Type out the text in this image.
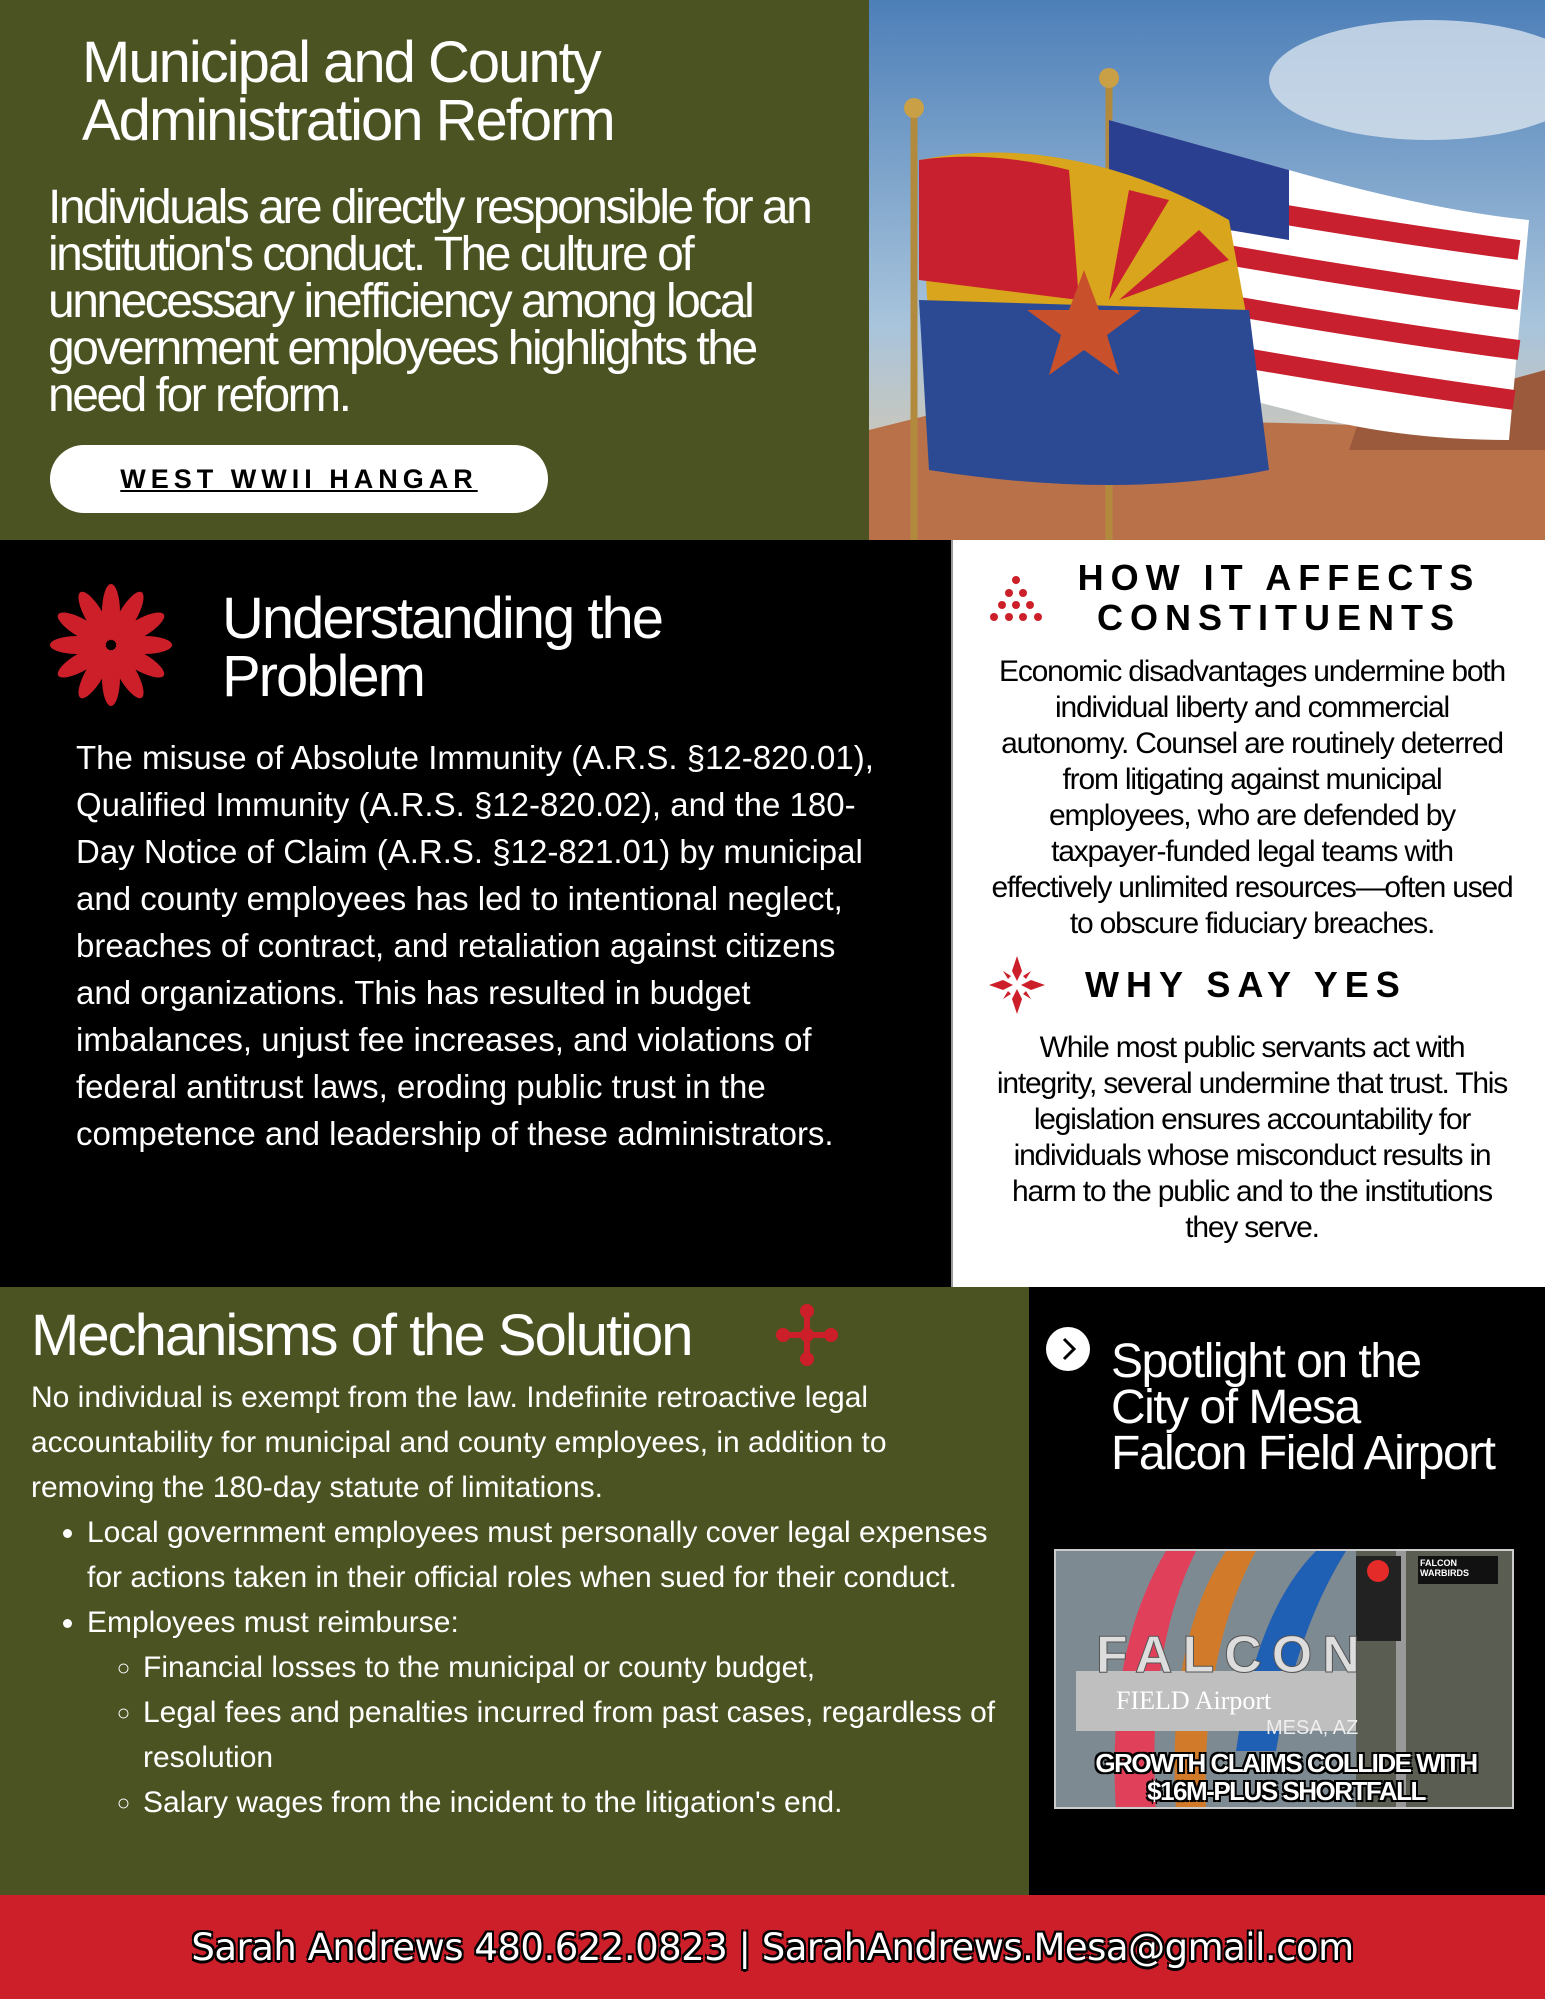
Municipal and County
Administration Reform

Individuals are directly responsible for an institution's conduct. The culture of unnecessary inefficiency among local government employees highlights the need for reform.

WEST WWII HANGAR
Understanding the
Problem

The misuse of Absolute Immunity (A.R.S. §12-820.01), Qualified Immunity (A.R.S. §12-820.02), and the 180-Day Notice of Claim (A.R.S. §12-821.01) by municipal and county employees has led to intentional neglect, breaches of contract, and retaliation against citizens and organizations. This has resulted in budget imbalances, unjust fee increases, and violations of federal antitrust laws, eroding public trust in the competence and leadership of these administrators.

HOW IT AFFECTS
CONSTITUENTS

Economic disadvantages undermine both individual liberty and commercial autonomy. Counsel are routinely deterred from litigating against municipal employees, who are defended by taxpayer-funded legal teams with effectively unlimited resources—often used to obscure fiduciary breaches.

WHY SAY YES

While most public servants act with integrity, several undermine that trust. This legislation ensures accountability for individuals whose misconduct results in harm to the public and to the institutions they serve.

Mechanisms of the Solution

No individual is exempt from the law. Indefinite retroactive legal accountability for municipal and county employees, in addition to removing the 180-day statute of limitations.

• Local government employees must personally cover legal expenses for actions taken in their official roles when sued for their conduct.
• Employees must reimburse:
◦ Financial losses to the municipal or county budget,
◦ Legal fees and penalties incurred from past cases, regardless of resolution
◦ Salary wages from the incident to the litigation's end.
Spotlight on the
City of Mesa
Falcon Field Airport
FALCON
FIELD Airport
MESA, AZ
FALCON WARBIRDS
GROWTH CLAIMS COLLIDE WITH
$16M-PLUS SHORTFALL
Sarah Andrews 480.622.0823 | SarahAndrews.Mesa@gmail.com
